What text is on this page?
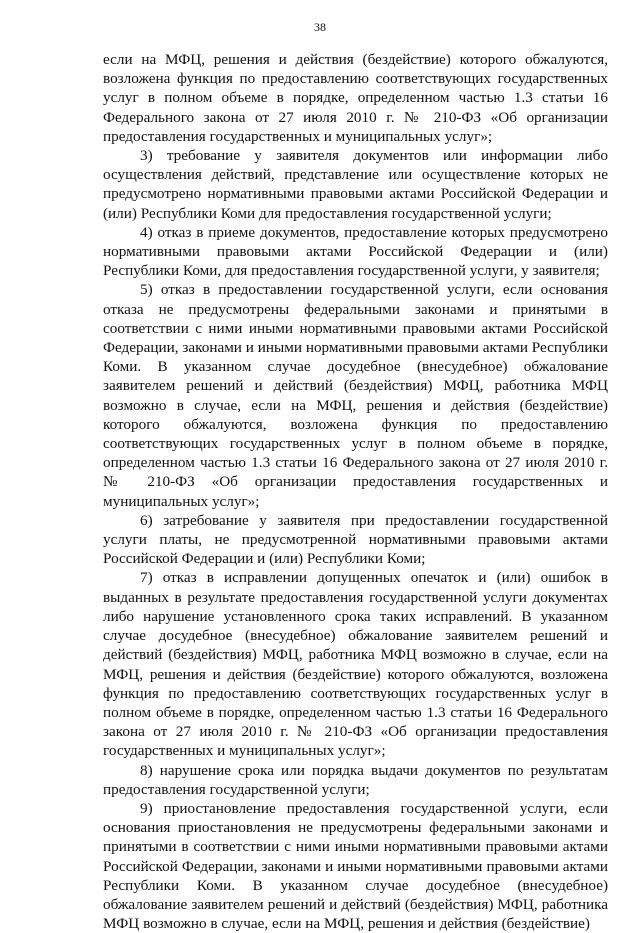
38

если на МФЦ, решения и действия (бездействие) которого обжалуются, возложена функция по предоставлению соответствующих государственных услуг в полном объеме в порядке, определенном частью 1.3 статьи 16 Федерального закона от 27 июля 2010 г. № 210-ФЗ «Об организации предоставления государственных и муниципальных услуг»;

3) требование у заявителя документов или информации либо осуществления действий, представление или осуществление которых не предусмотрено нормативными правовыми актами Российской Федерации и (или) Республики Коми для предоставления государственной услуги;

4) отказ в приеме документов, предоставление которых предусмотрено нормативными правовыми актами Российской Федерации и (или) Республики Коми, для предоставления государственной услуги, у заявителя;

5) отказ в предоставлении государственной услуги, если основания отказа не предусмотрены федеральными законами и принятыми в соответствии с ними иными нормативными правовыми актами Российской Федерации, законами и иными нормативными правовыми актами Республики Коми. В указанном случае досудебное (внесудебное) обжалование заявителем решений и действий (бездействия) МФЦ, работника МФЦ возможно в случае, если на МФЦ, решения и действия (бездействие) которого обжалуются, возложена функция по предоставлению соответствующих государственных услуг в полном объеме в порядке, определенном частью 1.3 статьи 16 Федерального закона от 27 июля 2010 г. № 210-ФЗ «Об организации предоставления государственных и муниципальных услуг»;

6) затребование у заявителя при предоставлении государственной услуги платы, не предусмотренной нормативными правовыми актами Российской Федерации и (или) Республики Коми;

7) отказ в исправлении допущенных опечаток и (или) ошибок в выданных в результате предоставления государственной услуги документах либо нарушение установленного срока таких исправлений. В указанном случае досудебное (внесудебное) обжалование заявителем решений и действий (бездействия) МФЦ, работника МФЦ возможно в случае, если на МФЦ, решения и действия (бездействие) которого обжалуются, возложена функция по предоставлению соответствующих государственных услуг в полном объеме в порядке, определенном частью 1.3 статьи 16 Федерального закона от 27 июля 2010 г. № 210-ФЗ «Об организации предоставления государственных и муниципальных услуг»;

8) нарушение срока или порядка выдачи документов по результатам предоставления государственной услуги;

9) приостановление предоставления государственной услуги, если основания приостановления не предусмотрены федеральными законами и принятыми в соответствии с ними иными нормативными правовыми актами Российской Федерации, законами и иными нормативными правовыми актами Республики Коми. В указанном случае досудебное (внесудебное) обжалование заявителем решений и действий (бездействия) МФЦ, работника МФЦ возможно в случае, если на МФЦ, решения и действия (бездействие)
